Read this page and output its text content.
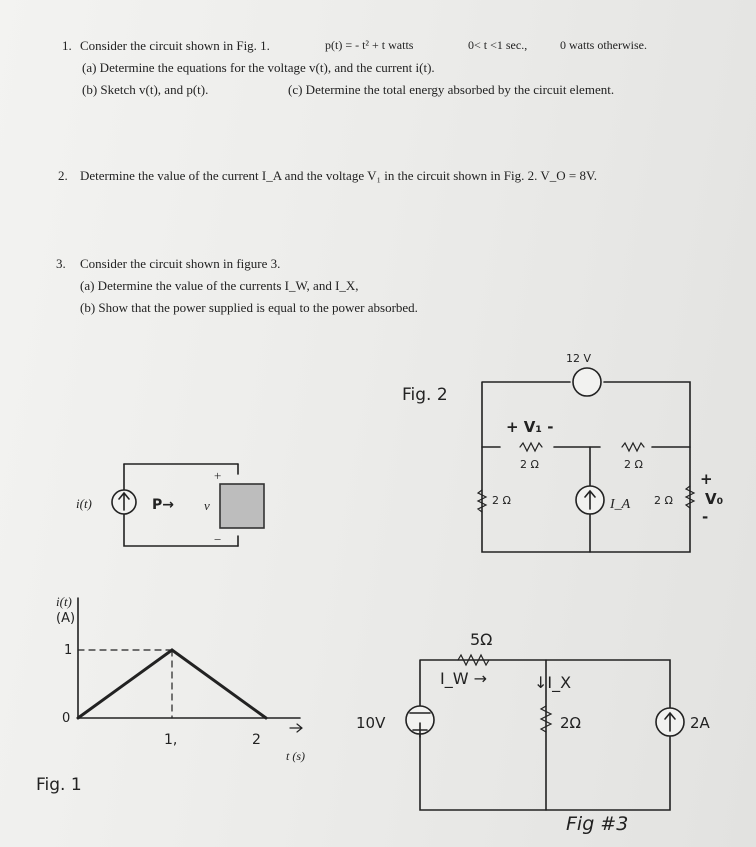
1. Consider the circuit shown in Fig. 1.	p(t) = - t² + t watts	0< t <1 sec.,	0 watts otherwise.
(a) Determine the equations for the voltage v(t), and the current i(t).
(b) Sketch v(t), and p(t).	(c) Determine the total energy absorbed by the circuit element.
2. Determine the value of the current I_A and the voltage V₁ in the circuit shown in Fig. 2. V_O = 8V.
3. Consider the circuit shown in figure 3.
(a) Determine the value of the currents I_W, and I_X,
(b) Show that the power supplied is equal to the power absorbed.
i(t)	P→ v
+
−
i(t)
(A)
1
0
1,	2
t (s)
Fig. 1
Fig. 2
12 V
+ V₁ -
2 Ω	2 Ω
2 Ω	I_A 2 Ω
+
V₀
-
5Ω
I_W →	↓I_X
2Ω
10V	2A
Fig #3
